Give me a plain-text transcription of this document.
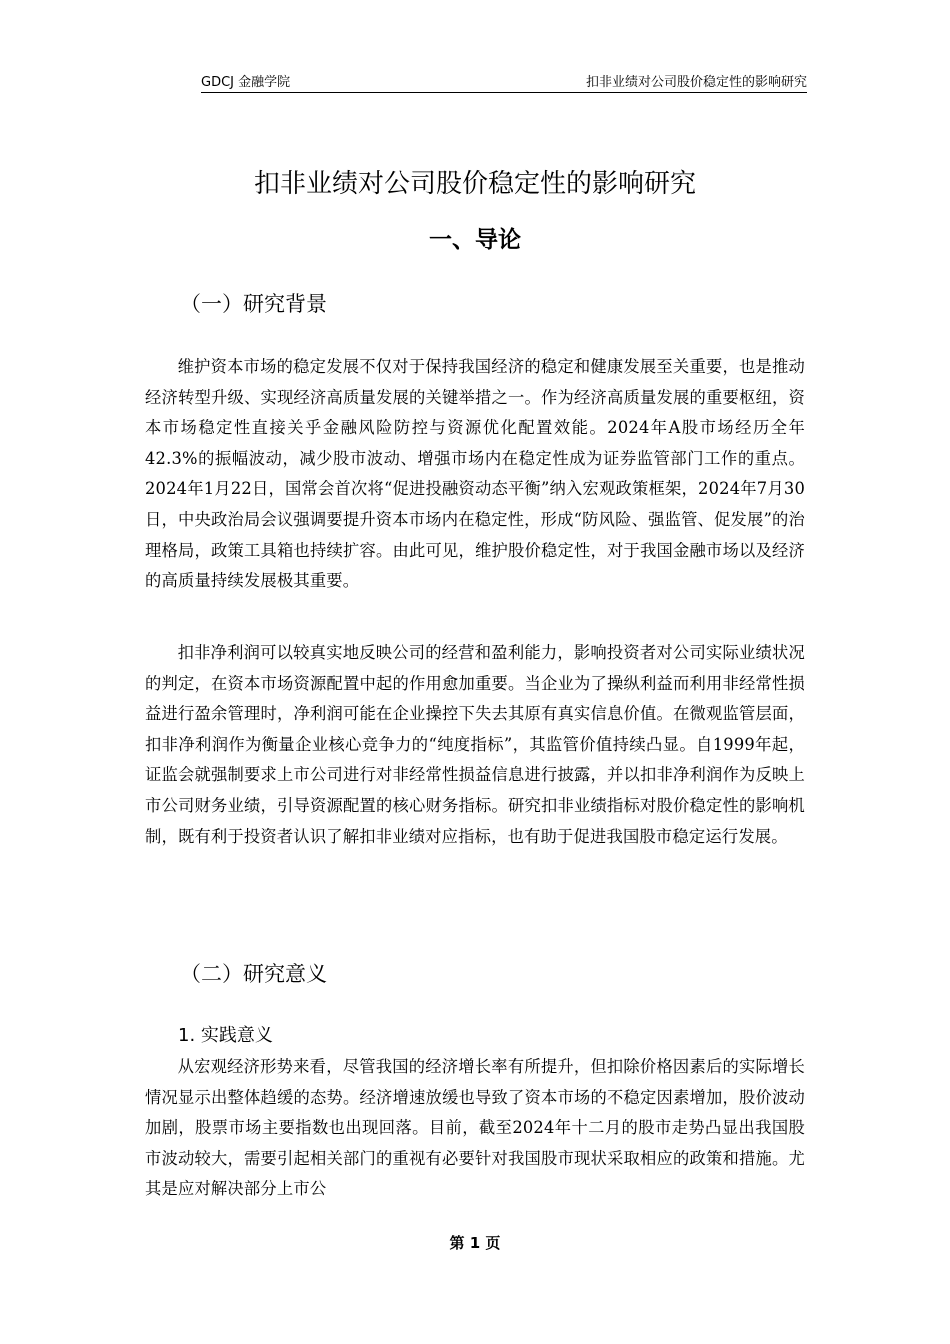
GDCJ 金融学院	扣非业绩对公司股价稳定性的影响研究
扣非业绩对公司股价稳定性的影响研究
一、导论
（一）研究背景

维护资本市场的稳定发展不仅对于保持我国经济的稳定和健康发展至关重要，也是推动经济转型升级、实现经济高质量发展的关键举措之一。作为经济高质量发展的重要枢纽，资本市场稳定性直接关乎金融风险防控与资源优化配置效能。2024年A股市场经历全年42.3%的振幅波动，减少股市波动、增强市场内在稳定性成为证券监管部门工作的重点。2024年1月22日，国常会首次将“促进投融资动态平衡”纳入宏观政策框架，2024年7月30日，中央政治局会议强调要提升资本市场内在稳定性，形成“防风险、强监管、促发展”的治理格局，政策工具箱也持续扩容。由此可见，维护股价稳定性，对于我国金融市场以及经济的高质量持续发展极其重要。

扣非净利润可以较真实地反映公司的经营和盈利能力，影响投资者对公司实际业绩状况的判定，在资本市场资源配置中起的作用愈加重要。当企业为了操纵利益而利用非经常性损益进行盈余管理时，净利润可能在企业操控下失去其原有真实信息价值。在微观监管层面，扣非净利润作为衡量企业核心竞争力的“纯度指标”，其监管价值持续凸显。自1999年起，证监会就强制要求上市公司进行对非经常性损益信息进行披露，并以扣非净利润作为反映上市公司财务业绩，引导资源配置的核心财务指标。研究扣非业绩指标对股价稳定性的影响机制，既有利于投资者认识了解扣非业绩对应指标，也有助于促进我国股市稳定运行发展。

（二）研究意义
1. 实践意义

从宏观经济形势来看，尽管我国的经济增长率有所提升，但扣除价格因素后的实际增长情况显示出整体趋缓的态势。经济增速放缓也导致了资本市场的不稳定因素增加，股价波动加剧，股票市场主要指数也出现回落。目前，截至2024年十二月的股市走势凸显出我国股市波动较大，需要引起相关部门的重视有必要针对我国股市现状采取相应的政策和措施。尤其是应对解决部分上市公

第 1 页
